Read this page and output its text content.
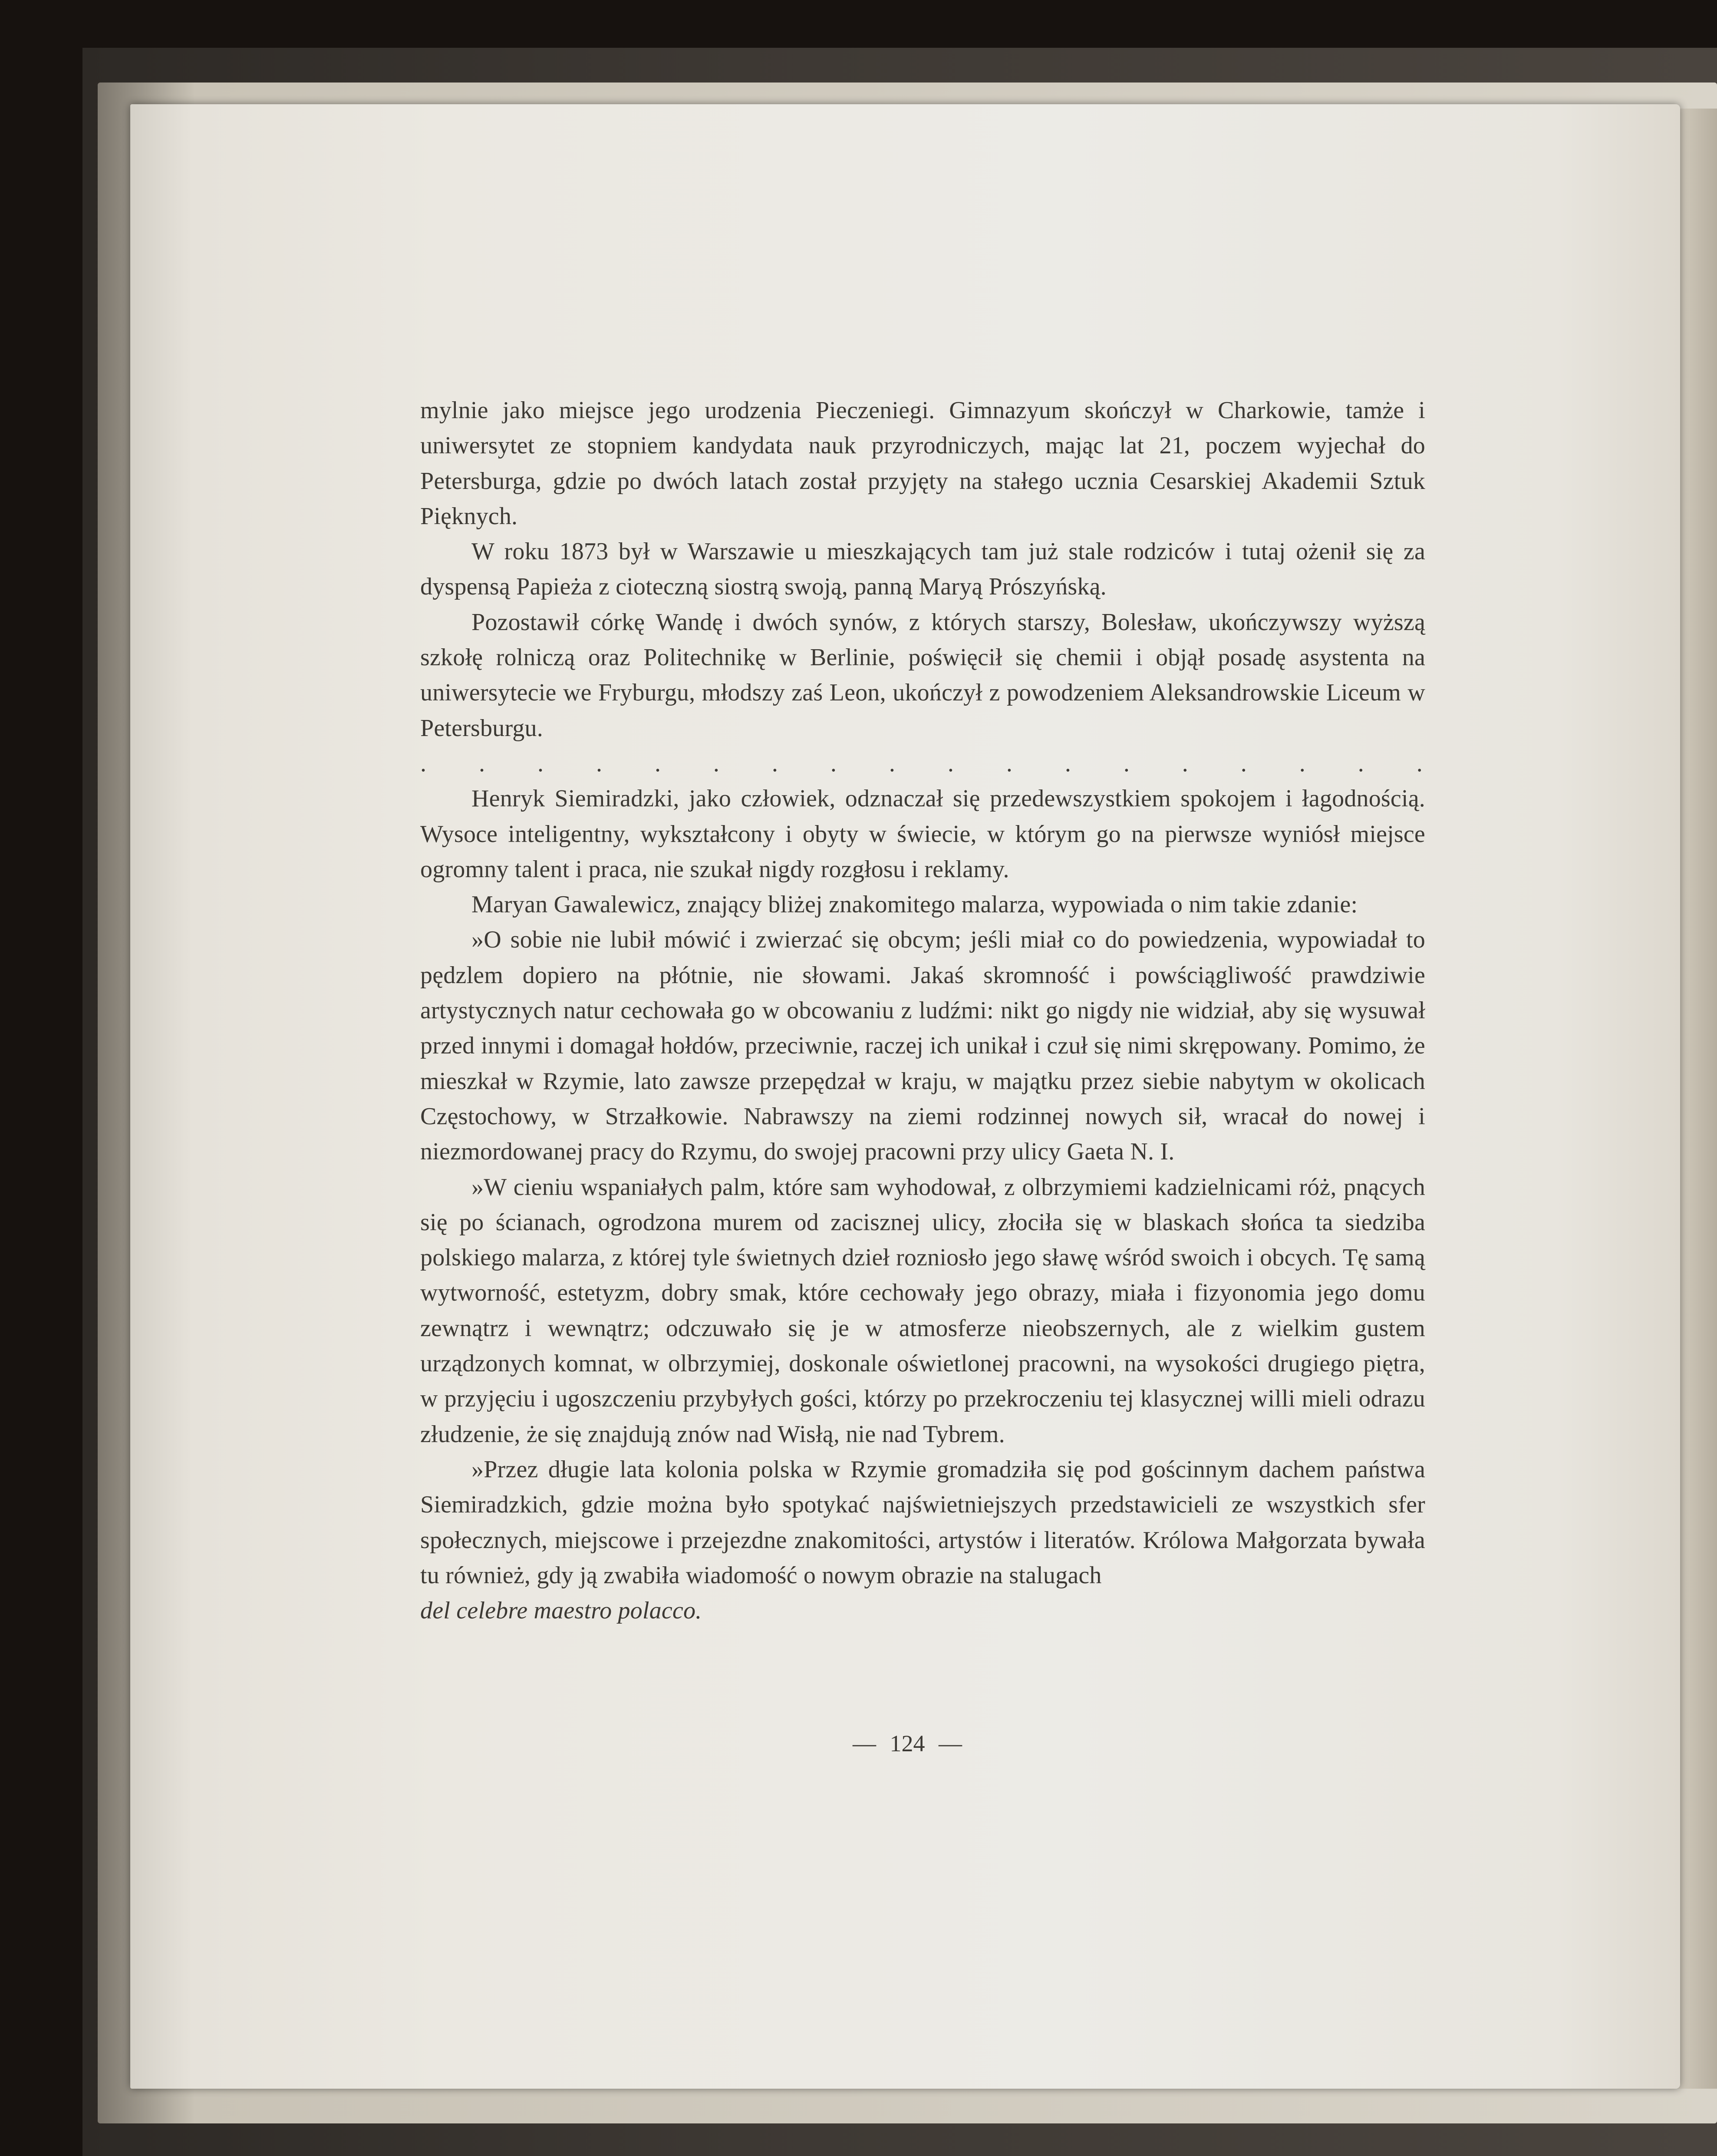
mylnie jako miejsce jego urodzenia Pieczeniegi. Gimnazyum skończył w Charkowie, tamże i uniwersytet ze stopniem kandydata nauk przyrodniczych, mając lat 21, poczem wyjechał do Petersburga, gdzie po dwóch latach został przyjęty na stałego ucznia Cesarskiej Akademii Sztuk Pięknych.

W roku 1873 był w Warszawie u mieszkających tam już stale rodziców i tutaj ożenił się za dyspensą Papieża z cioteczną siostrą swoją, panną Maryą Prószyńską.

Pozostawił córkę Wandę i dwóch synów, z których starszy, Bolesław, ukończywszy wyższą szkołę rolniczą oraz Politechnikę w Berlinie, poświęcił się chemii i objął posadę asystenta na uniwersytecie we Fryburgu, młodszy zaś Leon, ukończył z powodzeniem Aleksandrowskie Liceum w Petersburgu.

. . . . . . . . . . . . . . . . . .

Henryk Siemiradzki, jako człowiek, odznaczał się przedewszystkiem spokojem i łagodnością. Wysoce inteligentny, wykształcony i obyty w świecie, w którym go na pierwsze wyniósł miejsce ogromny talent i praca, nie szukał nigdy rozgłosu i reklamy.

Maryan Gawalewicz, znający bliżej znakomitego malarza, wypowiada o nim takie zdanie:

»O sobie nie lubił mówić i zwierzać się obcym; jeśli miał co do powiedzenia, wypowiadał to pędzlem dopiero na płótnie, nie słowami. Jakaś skromność i powściągliwość prawdziwie artystycznych natur cechowała go w obcowaniu z ludźmi: nikt go nigdy nie widział, aby się wysuwał przed innymi i domagał hołdów, przeciwnie, raczej ich unikał i czuł się nimi skrępowany. Pomimo, że mieszkał w Rzymie, lato zawsze przepędzał w kraju, w majątku przez siebie nabytym w okolicach Częstochowy, w Strzałkowie. Nabrawszy na ziemi rodzinnej nowych sił, wracał do nowej i niezmordowanej pracy do Rzymu, do swojej pracowni przy ulicy Gaeta N. I.

»W cieniu wspaniałych palm, które sam wyhodował, z olbrzymiemi kadzielnicami róż, pnących się po ścianach, ogrodzona murem od zacisznej ulicy, złociła się w blaskach słońca ta siedziba polskiego malarza, z której tyle świetnych dzieł rozniosło jego sławę wśród swoich i obcych. Tę samą wytworność, estetyzm, dobry smak, które cechowały jego obrazy, miała i fizyonomia jego domu zewnątrz i wewnątrz; odczuwało się je w atmosferze nieobszernych, ale z wielkim gustem urządzonych komnat, w olbrzymiej, doskonale oświetlonej pracowni, na wysokości drugiego piętra, w przyjęciu i ugoszczeniu przybyłych gości, którzy po przekroczeniu tej klasycznej willi mieli odrazu złudzenie, że się znajdują znów nad Wisłą, nie nad Tybrem.

»Przez długie lata kolonia polska w Rzymie gromadziła się pod gościnnym dachem państwa Siemiradzkich, gdzie można było spotykać najświetniejszych przedstawicieli ze wszystkich sfer społecznych, miejscowe i przejezdne znakomitości, artystów i literatów. Królowa Małgorzata bywała tu również, gdy ją zwabiła wiadomość o nowym obrazie na stalugach

del celebre maestro polacco.

— 124 —
